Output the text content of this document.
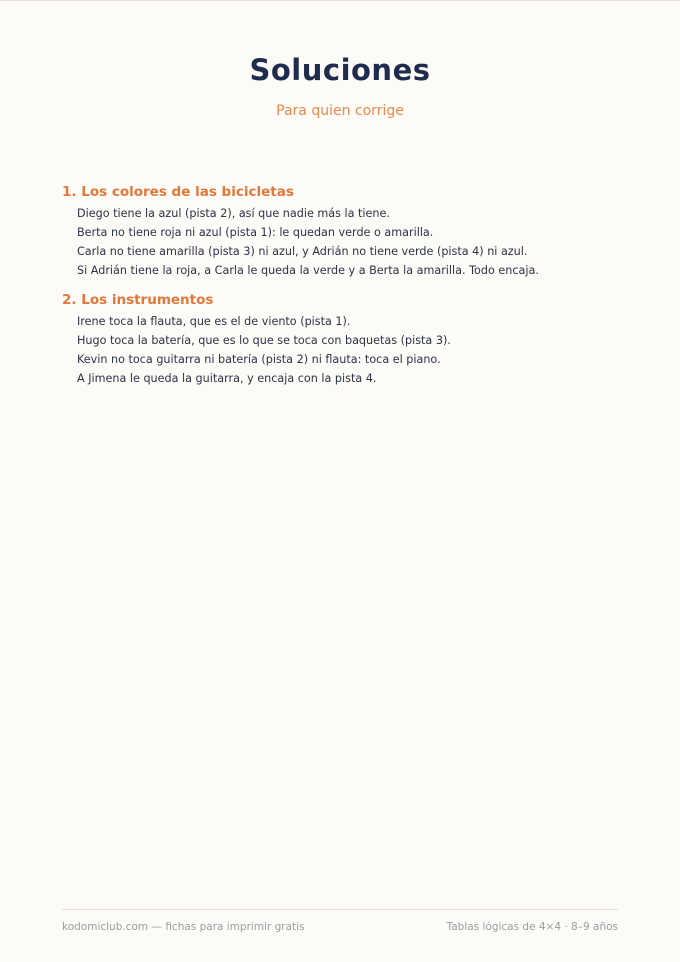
Soluciones
Para quien corrige
1. Los colores de las bicicletas
Diego tiene la azul (pista 2), así que nadie más la tiene.
Berta no tiene roja ni azul (pista 1): le quedan verde o amarilla.
Carla no tiene amarilla (pista 3) ni azul, y Adrián no tiene verde (pista 4) ni azul.
Si Adrián tiene la roja, a Carla le queda la verde y a Berta la amarilla. Todo encaja.
2. Los instrumentos
Irene toca la flauta, que es el de viento (pista 1).
Hugo toca la batería, que es lo que se toca con baquetas (pista 3).
Kevin no toca guitarra ni batería (pista 2) ni flauta: toca el piano.
A Jimena le queda la guitarra, y encaja con la pista 4.
kodomiclub.com — fichas para imprimir gratis	Tablas lógicas de 4×4 · 8–9 años
